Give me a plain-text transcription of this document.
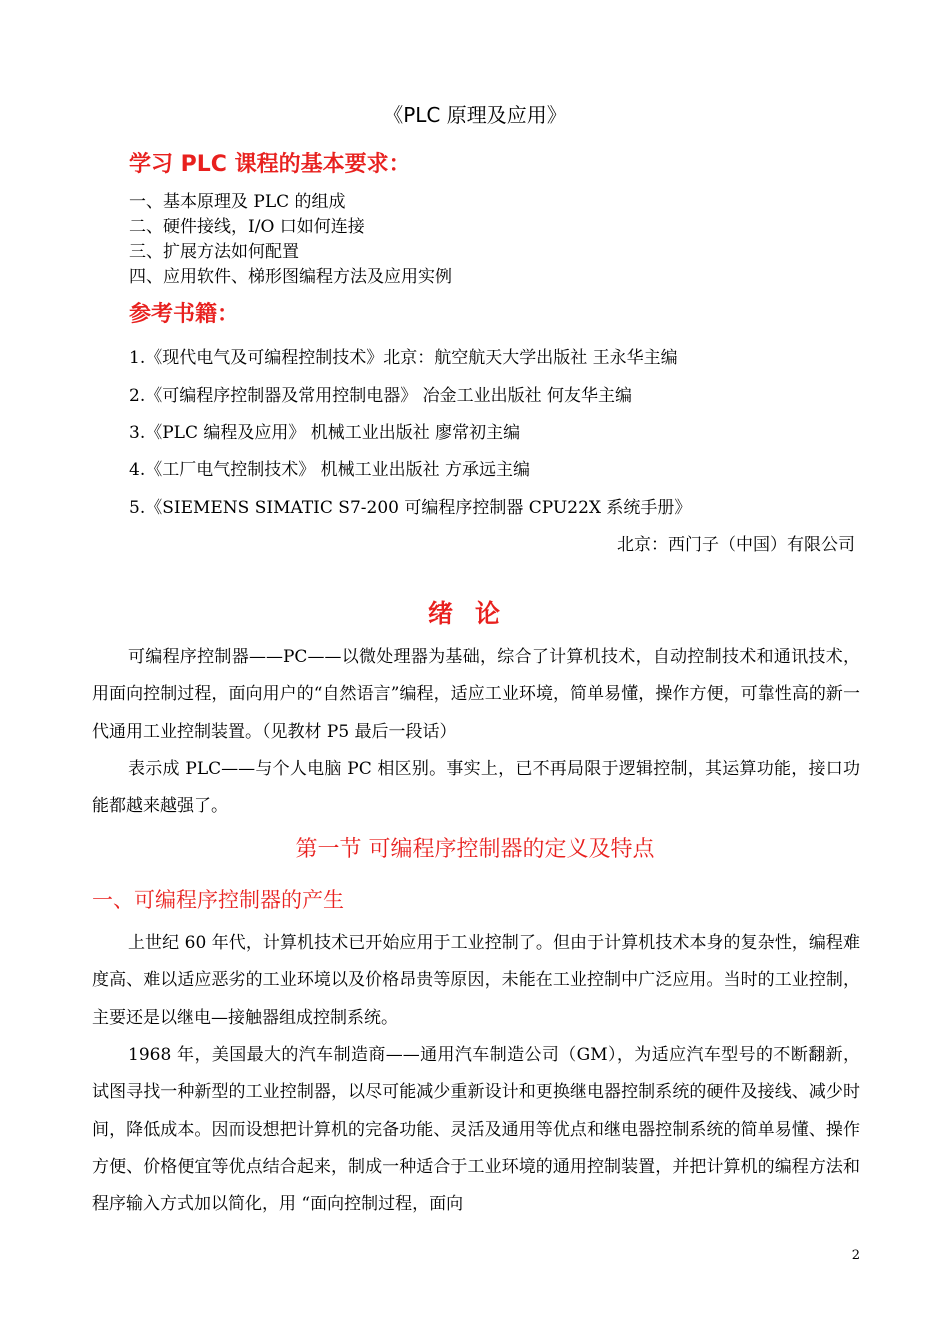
《PLC 原理及应用》
学习 PLC 课程的基本要求：
一、基本原理及 PLC 的组成
二、硬件接线，I/O 口如何连接
三、扩展方法如何配置
四、应用软件、梯形图编程方法及应用实例
参考书籍：
1.《现代电气及可编程控制技术》北京：航空航天大学出版社 王永华主编
2.《可编程序控制器及常用控制电器》 冶金工业出版社 何友华主编
3.《PLC 编程及应用》 机械工业出版社 廖常初主编
4.《工厂电气控制技术》 机械工业出版社 方承远主编
5.《SIEMENS SIMATIC S7-200 可编程序控制器 CPU22X 系统手册》
北京：西门子（中国）有限公司
绪论

可编程序控制器——PC——以微处理器为基础，综合了计算机技术，自动控制技术和通讯技术，用面向控制过程，面向用户的“自然语言”编程，适应工业环境，简单易懂，操作方便，可靠性高的新一代通用工业控制装置。（见教材 P5 最后一段话）

表示成 PLC——与个人电脑 PC 相区别。事实上，已不再局限于逻辑控制，其运算功能，接口功能都越来越强了。

第一节 可编程序控制器的定义及特点
一、可编程序控制器的产生

上世纪 60 年代，计算机技术已开始应用于工业控制了。但由于计算机技术本身的复杂性，编程难度高、难以适应恶劣的工业环境以及价格昂贵等原因，未能在工业控制中广泛应用。当时的工业控制，主要还是以继电—接触器组成控制系统。

1968 年，美国最大的汽车制造商——通用汽车制造公司（GM），为适应汽车型号的不断翻新，试图寻找一种新型的工业控制器，以尽可能减少重新设计和更换继电器控制系统的硬件及接线、减少时间，降低成本。因而设想把计算机的完备功能、灵活及通用等优点和继电器控制系统的简单易懂、操作方便、价格便宜等优点结合起来，制成一种适合于工业环境的通用控制装置，并把计算机的编程方法和程序输入方式加以简化，用 “面向控制过程，面向

2
